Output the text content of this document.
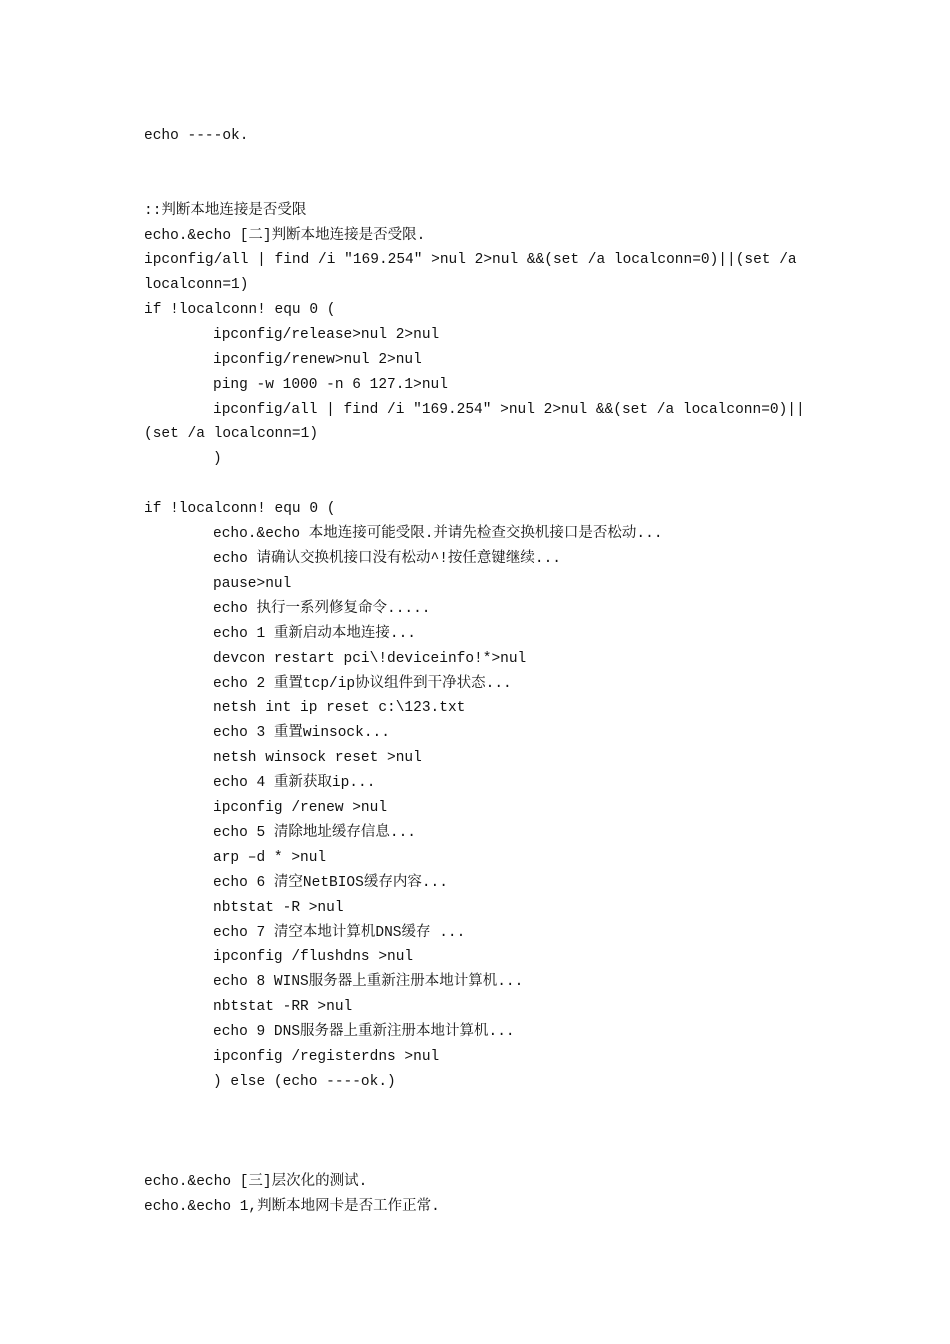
echo ----ok.
::判断本地连接是否受限
echo.&echo [二]判断本地连接是否受限.
ipconfig/all | find /i "169.254" >nul 2>nul &&(set /a localconn=0)||(set /a
localconn=1)
if !localconn! equ 0 (
ipconfig/release>nul 2>nul
ipconfig/renew>nul 2>nul
ping -w 1000 -n 6 127.1>nul
ipconfig/all | find /i "169.254" >nul 2>nul &&(set /a localconn=0)||
(set /a localconn=1)
)
if !localconn! equ 0 (
echo.&echo 本地连接可能受限.并请先检查交换机接口是否松动...
echo 请确认交换机接口没有松动^!按任意键继续...
pause>nul
echo 执行一系列修复命令.....
echo 1 重新启动本地连接...
devcon restart pci\!deviceinfo!*>nul
echo 2 重置tcp/ip协议组件到干净状态...
netsh int ip reset c:\123.txt
echo 3 重置winsock...
netsh winsock reset >nul
echo 4 重新获取ip...
ipconfig /renew >nul
echo 5 清除地址缓存信息...
arp –d * >nul
echo 6 清空NetBIOS缓存内容...
nbtstat -R >nul
echo 7 清空本地计算机DNS缓存 ...
ipconfig /flushdns >nul
echo 8 WINS服务器上重新注册本地计算机...
nbtstat -RR >nul
echo 9 DNS服务器上重新注册本地计算机...
ipconfig /registerdns >nul
) else (echo ----ok.)
echo.&echo [三]层次化的测试.
echo.&echo 1,判断本地网卡是否工作正常.
